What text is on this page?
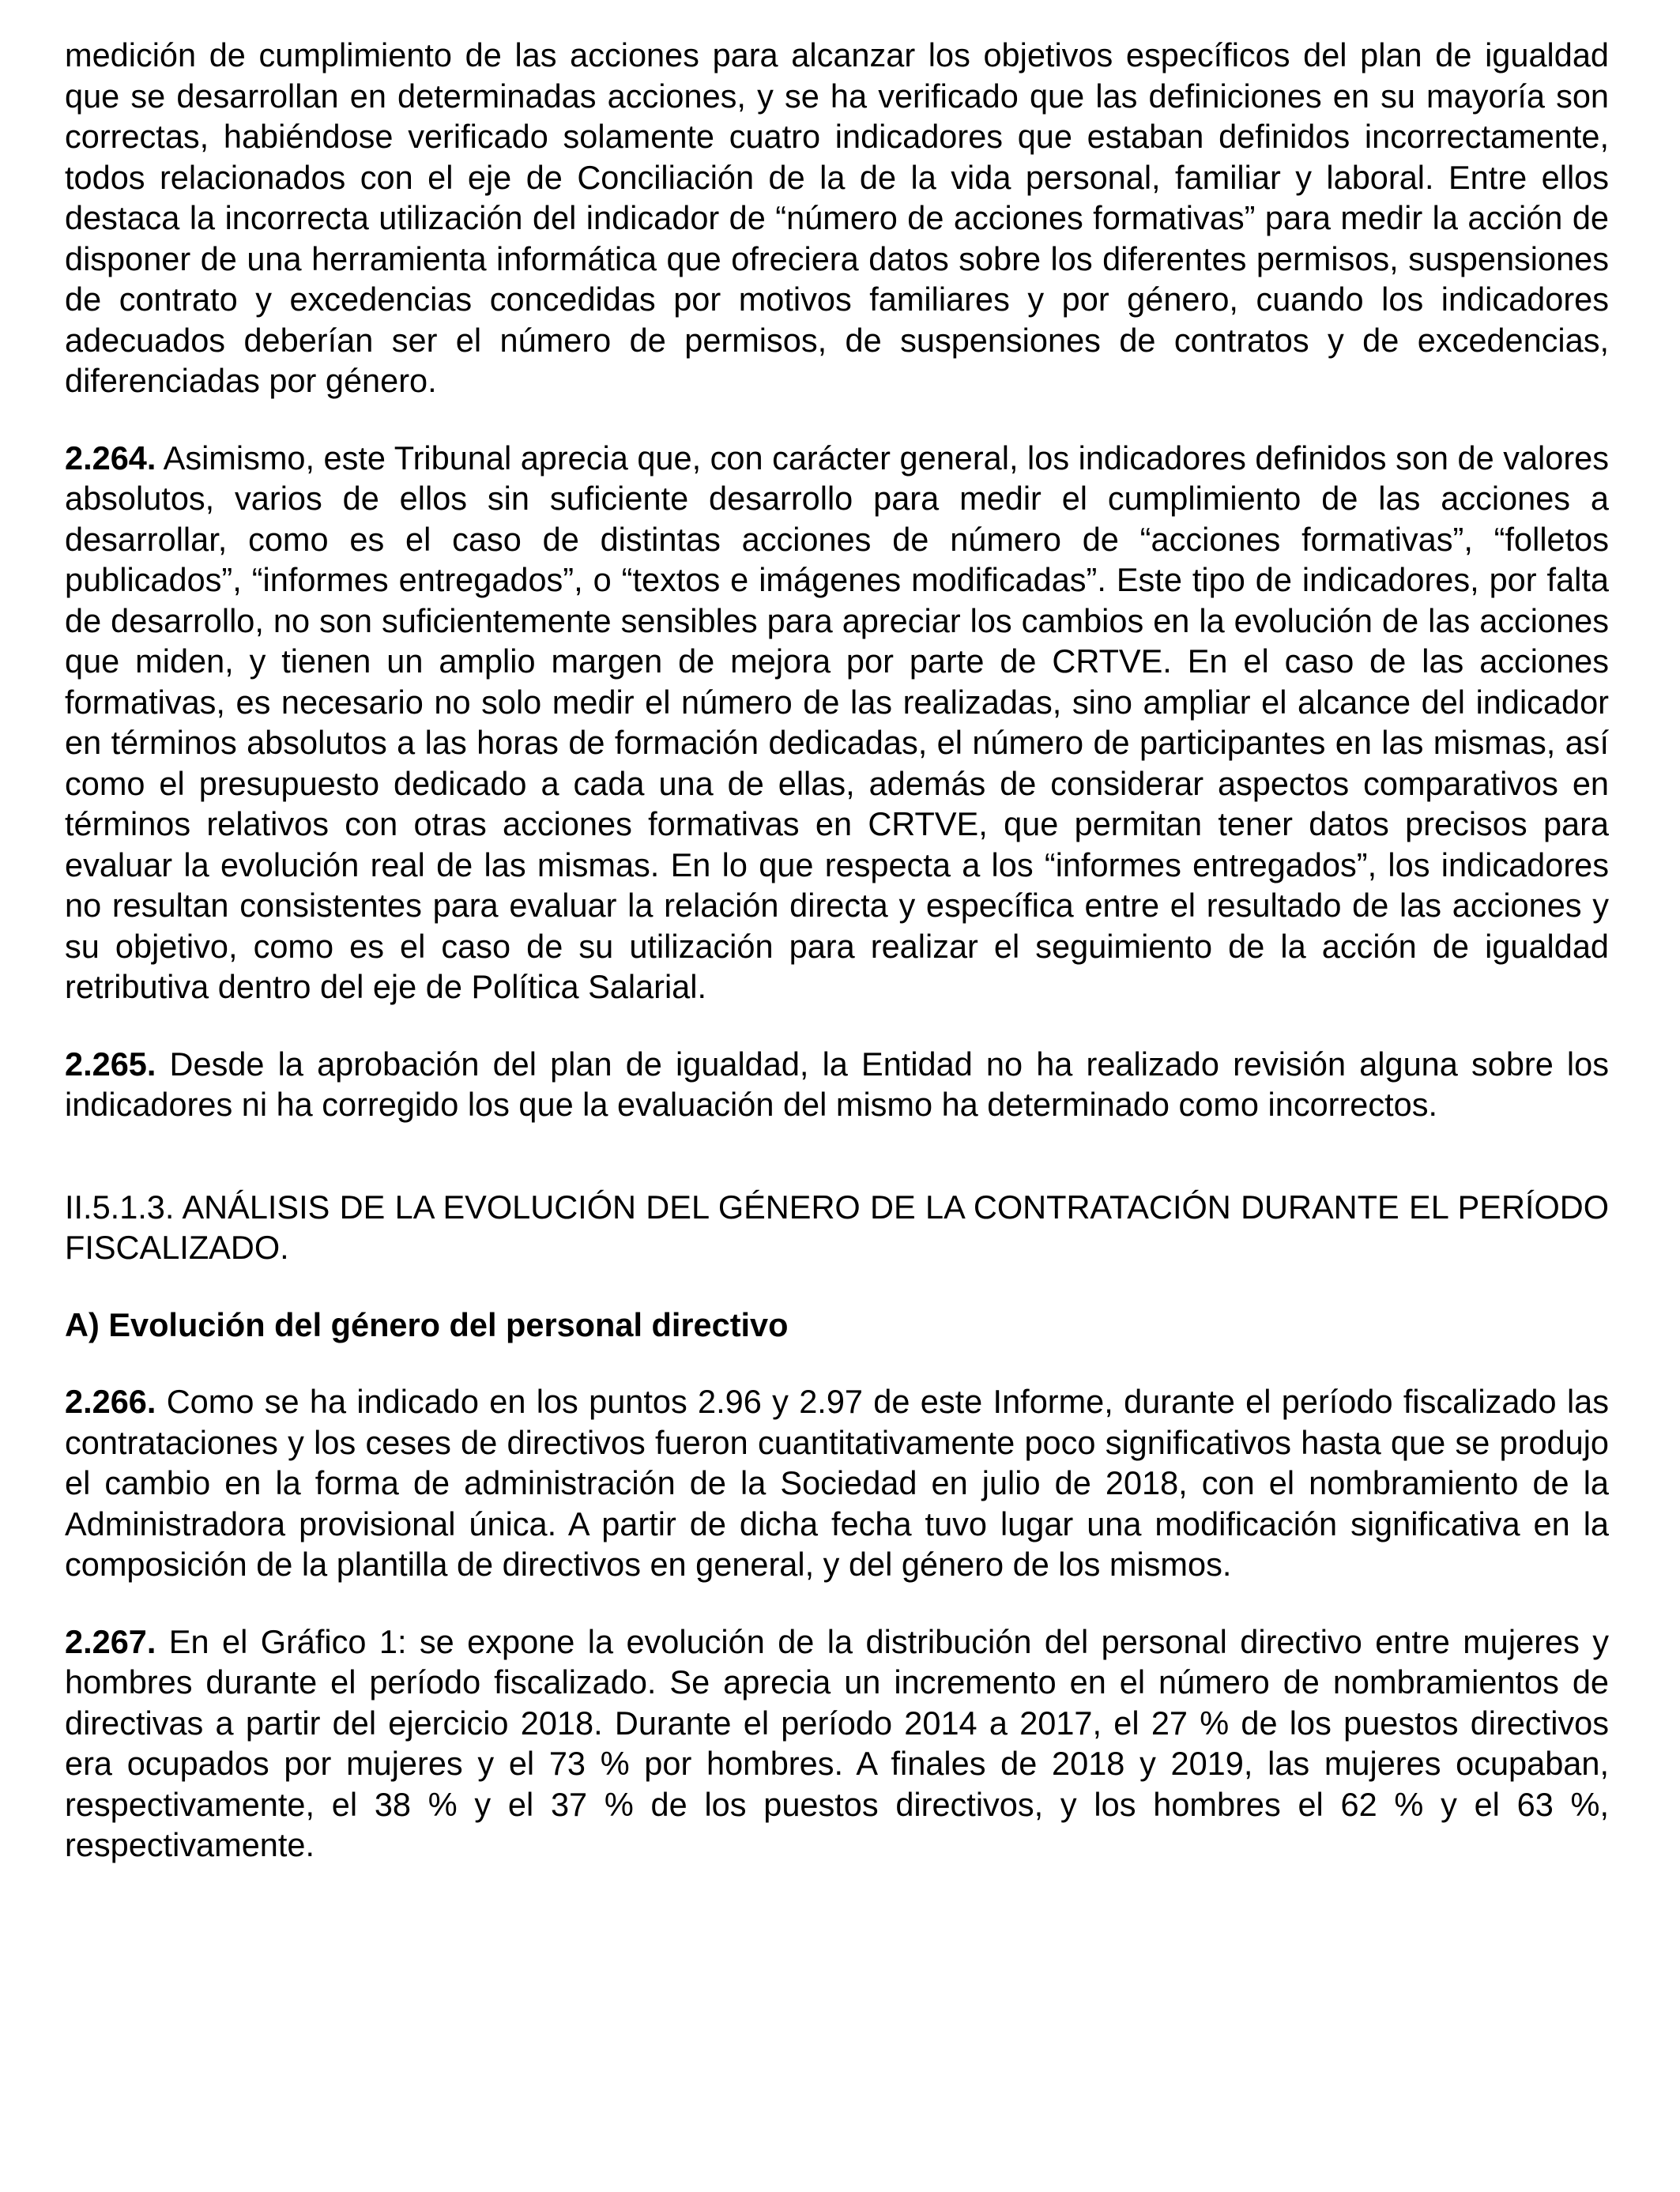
medición de cumplimiento de las acciones para alcanzar los objetivos específicos del plan de igualdad que se desarrollan en determinadas acciones, y se ha verificado que las definiciones en su mayoría son correctas, habiéndose verificado solamente cuatro indicadores que estaban definidos incorrectamente, todos relacionados con el eje de Conciliación de la de la vida personal, familiar y laboral. Entre ellos destaca la incorrecta utilización del indicador de “número de acciones formativas” para medir la acción de disponer de una herramienta informática que ofreciera datos sobre los diferentes permisos, suspensiones de contrato y excedencias concedidas por motivos familiares y por género, cuando los indicadores adecuados deberían ser el número de permisos, de suspensiones de contratos y de excedencias, diferenciadas por género.

2.264. Asimismo, este Tribunal aprecia que, con carácter general, los indicadores definidos son de valores absolutos, varios de ellos sin suficiente desarrollo para medir el cumplimiento de las acciones a desarrollar, como es el caso de distintas acciones de número de “acciones formativas”, “folletos publicados”, “informes entregados”, o “textos e imágenes modificadas”. Este tipo de indicadores, por falta de desarrollo, no son suficientemente sensibles para apreciar los cambios en la evolución de las acciones que miden, y tienen un amplio margen de mejora por parte de CRTVE. En el caso de las acciones formativas, es necesario no solo medir el número de las realizadas, sino ampliar el alcance del indicador en términos absolutos a las horas de formación dedicadas, el número de participantes en las mismas, así como el presupuesto dedicado a cada una de ellas, además de considerar aspectos comparativos en términos relativos con otras acciones formativas en CRTVE, que permitan tener datos precisos para evaluar la evolución real de las mismas. En lo que respecta a los “informes entregados”, los indicadores no resultan consistentes para evaluar la relación directa y específica entre el resultado de las acciones y su objetivo, como es el caso de su utilización para realizar el seguimiento de la acción de igualdad retributiva dentro del eje de Política Salarial.

2.265. Desde la aprobación del plan de igualdad, la Entidad no ha realizado revisión alguna sobre los indicadores ni ha corregido los que la evaluación del mismo ha determinado como incorrectos.

II.5.1.3. ANÁLISIS DE LA EVOLUCIÓN DEL GÉNERO DE LA CONTRATACIÓN DURANTE EL PERÍODO FISCALIZADO.

A) Evolución del género del personal directivo

2.266. Como se ha indicado en los puntos 2.96 y 2.97 de este Informe, durante el período fiscalizado las contrataciones y los ceses de directivos fueron cuantitativamente poco significativos hasta que se produjo el cambio en la forma de administración de la Sociedad en julio de 2018, con el nombramiento de la Administradora provisional única. A partir de dicha fecha tuvo lugar una modificación significativa en la composición de la plantilla de directivos en general, y del género de los mismos.

2.267. En el Gráfico 1: se expone la evolución de la distribución del personal directivo entre mujeres y hombres durante el período fiscalizado. Se aprecia un incremento en el número de nombramientos de directivas a partir del ejercicio 2018. Durante el período 2014 a 2017, el 27 % de los puestos directivos era ocupados por mujeres y el 73 % por hombres. A finales de 2018 y 2019, las mujeres ocupaban, respectivamente, el 38 % y el 37 % de los puestos directivos, y los hombres el 62 % y el 63 %, respectivamente.
